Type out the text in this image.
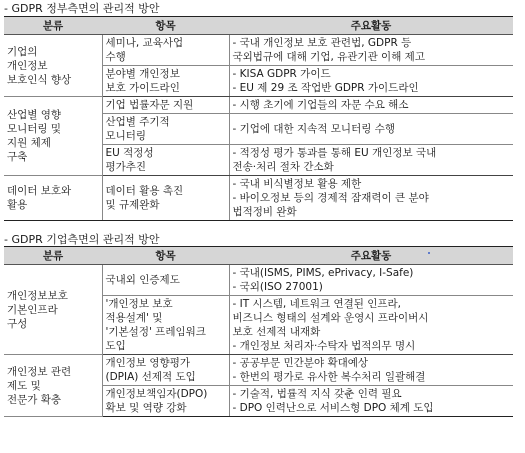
- GDPR 정부측면의 관리적 방안
분류	항목	주요활동

기업의
개인정보
보호인식 향상	세미나, 교육사업
수행	- 국내 개인정보 보호 관련법, GDPR 등
국외법규에 대해 기업, 유관기관 이해 제고

	분야별 개인정보
보호 가이드라인	- KISA GDPR 가이드
- EU 제 29 조 작업반 GDPR 가이드라인

산업별 영향
모니터링 및
지원 체제
구축	기업 법률자문 지원	- 시행 초기에 기업들의 자문 수요 해소

	산업별 주기적
모니터링	- 기업에 대한 지속적 모니터링 수행

	EU 적정성
평가추진	- 적정성 평가 통과를 통해 EU 개인정보 국내
전송·처리 절차 간소화

데이터 보호와
활용	데이터 활용 촉진
및 규제완화	- 국내 비식별정보 활용 제한
- 바이오정보 등의 경제적 잠재력이 큰 분야
법적정비 완화
- GDPR 기업측면의 관리적 방안
분류	항목	주요활동

개인정보보호
기본인프라
구성	국내외 인증제도	- 국내(ISMS, PIMS, ePrivacy, I-Safe)
- 국외(ISO 27001)

	'개인정보 보호
적용설계' 및
'기본설정' 프레임워크
도입	- IT 시스템, 네트워크 연결된 인프라,
비즈니스 형태의 설계와 운영시 프라이버시
보호 선제적 내재화
- 개인정보 처리자·수탁자 법적의무 명시

개인정보 관련
제도 및
전문가 확충	개인정보 영향평가
(DPIA) 선제적 도입	- 공공부문 민간분야 확대예상
- 한번의 평가로 유사한 복수처리 일괄해결

	개인정보책임자(DPO)
확보 및 역량 강화	- 기술적, 법률적 지식 갖춘 인력 필요
- DPO 인력난으로 서비스형 DPO 체계 도입
